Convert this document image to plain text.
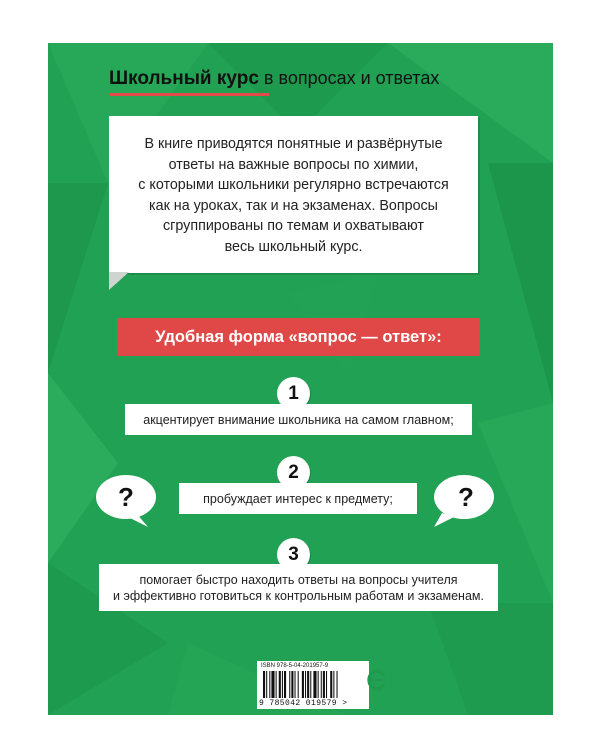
Школьный курс в вопросах и ответах
В книге приводятся понятные и развёрнутые
ответы на важные вопросы по химии,
с которыми школьники регулярно встречаются
как на уроках, так и на экзаменах. Вопросы
сгруппированы по темам и охватывают
весь школьный курс.
Удобная форма «вопрос — ответ»:
1
акцентирует внимание школьника на самом главном;
2
пробуждает интерес к предмету;
?	?
3
помогает быстро находить ответы на вопросы учителя
и эффективно готовиться к контрольным работам и экзаменам.
ISBN 978-5-04-201957-9
9 785042 019579 >
